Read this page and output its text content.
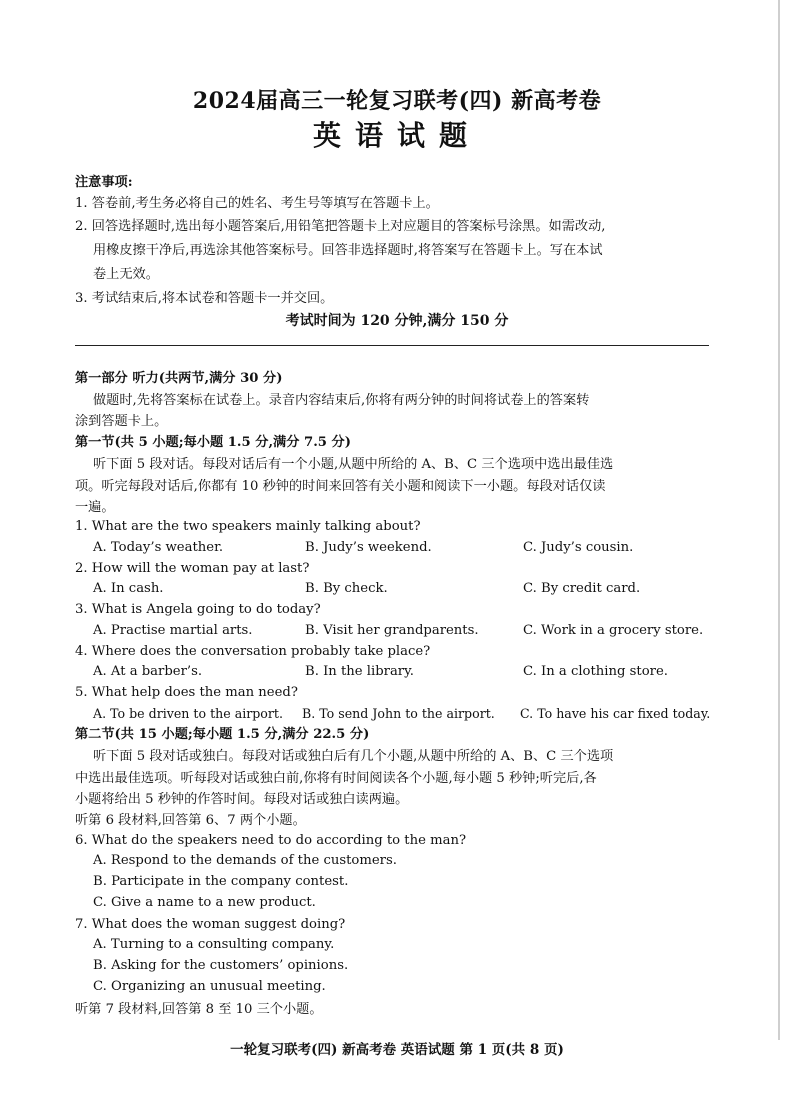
2024届高三一轮复习联考(四) 新高考卷
英语试题
注意事项:
1. 答卷前,考生务必将自己的姓名、考生号等填写在答题卡上。
2. 回答选择题时,选出每小题答案后,用铅笔把答题卡上对应题目的答案标号涂黑。如需改动,
用橡皮擦干净后,再选涂其他答案标号。回答非选择题时,将答案写在答题卡上。写在本试
卷上无效。
3. 考试结束后,将本试卷和答题卡一并交回。
考试时间为 120 分钟,满分 150 分
第一部分 听力(共两节,满分 30 分)
做题时,先将答案标在试卷上。录音内容结束后,你将有两分钟的时间将试卷上的答案转
涂到答题卡上。
第一节(共 5 小题;每小题 1.5 分,满分 7.5 分)
听下面 5 段对话。每段对话后有一个小题,从题中所给的 A、B、C 三个选项中选出最佳选
项。听完每段对话后,你都有 10 秒钟的时间来回答有关小题和阅读下一小题。每段对话仅读
一遍。
1. What are the two speakers mainly talking about?
A. Today’s weather.	B. Judy’s weekend.	C. Judy’s cousin.
2. How will the woman pay at last?
A. In cash.	B. By check.	C. By credit card.
3. What is Angela going to do today?
A. Practise martial arts.	B. Visit her grandparents.	C. Work in a grocery store.
4. Where does the conversation probably take place?
A. At a barber’s.	B. In the library.	C. In a clothing store.
5. What help does the man need?
A. To be driven to the airport. B. To send John to the airport. C. To have his car fixed today.
第二节(共 15 小题;每小题 1.5 分,满分 22.5 分)
听下面 5 段对话或独白。每段对话或独白后有几个小题,从题中所给的 A、B、C 三个选项
中选出最佳选项。听每段对话或独白前,你将有时间阅读各个小题,每小题 5 秒钟;听完后,各
小题将给出 5 秒钟的作答时间。每段对话或独白读两遍。
听第 6 段材料,回答第 6、7 两个小题。
6. What do the speakers need to do according to the man?
A. Respond to the demands of the customers.
B. Participate in the company contest.
C. Give a name to a new product.
7. What does the woman suggest doing?
A. Turning to a consulting company.
B. Asking for the customers’ opinions.
C. Organizing an unusual meeting.
听第 7 段材料,回答第 8 至 10 三个小题。
一轮复习联考(四) 新高考卷 英语试题 第 1 页(共 8 页)
